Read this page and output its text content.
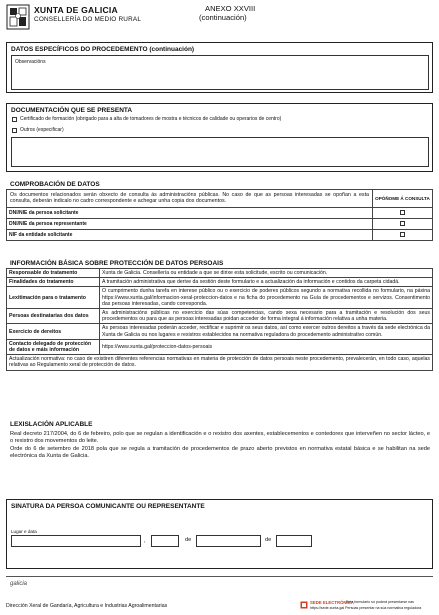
XUNTA DE GALICIA
CONSELLERÍA DO MEDIO RURAL
ANEXO XXVIII
(continuación)
DATOS ESPECÍFICOS DO PROCEDEMENTO (continuación)
Observacións
DOCUMENTACIÓN QUE SE PRESENTA
Certificado de formación (obrigado para a alta de tomadores de mostra e técnicos de calidade ou operarios de centro)
Outros (especificar)
COMPROBACIÓN DE DATOS
Os documentos relacionados serán obxecto de consulta ás administracións públicas. No caso de que as persoas interesadas se opoñan a esta consulta, deberán indicalo no cadro correspondente e achegar unha copia dos documentos.	OPÓÑOME Á CONSULTA
DNI/NIE da persoa solicitante	
DNI/NIE da persoa representante	
NIF da entidade solicitante	
INFORMACIÓN BÁSICA SOBRE PROTECCIÓN DE DATOS PERSOAIS
Responsable do tratamento	Xunta de Galicia. Consellería ou entidade a que se dirixe esta solicitude, escrito ou comunicación.
Finalidades do tratamento	A tramitación administrativa que derive da xestión deste formulario e a actualización da información e contidos da carpeta cidadá.
Lexitimación para o tratamento	O cumprimento dunha tarefa en interese público ou o exercicio de poderes públicos segundo a normativa recollida no formulario, na páxina https://www.xunta.gal/informacion-xeral-proteccion-datos e na ficha do procedemento na Guía de procedementos e servizos. Consentimento das persoas interesadas, cando corresponda.
Persoas destinatarias dos datos	As administracións públicas no exercicio das súas competencias, cando sexa necesario para a tramitación e resolución dos seus procedementos ou para que as persoas interesadas poidan acceder de forma integral á información relativa a unha materia.
Exercicio de dereitos	As persoas interesadas poderán acceder, rectificar e suprimir os seus datos, así como exercer outros dereitos a través da sede electrónica da Xunta de Galicia ou nos lugares e rexistros establecidos na normativa reguladora do procedemento administrativo común.
Contacto delegado de protección de datos e máis información	https://www.xunta.gal/proteccion-datos-persoais
Actualización normativa: no caso de existiren diferentes referencias normativas en materia de protección de datos persoais neste procedemento, prevalecerán, en todo caso, aquelas relativas ao Regulamento xeral de protección de datos.	
LEXISLACIÓN APLICABLE
Real decreto 217/2004, do 6 de febreiro, polo que se regulan a identificación e o rexistro dos axentes, establecementos e contedores que interveñen no sector lácteo, e o rexistro dos movementos do leite.
Orde do 6 de setembro de 2018 pola que se regula a tramitación de procedementos de prazo aberto previstos en normativa estatal básica e se habilitan na sede electrónica da Xunta de Galicia.
SINATURA DA PERSOA COMUNICANTE OU REPRESENTANTE
Lugar e data
,	de	de
galicia
Dirección Xeral de Gandaría, Agricultura e Industrias Agroalimentarias
SEDE ELECTRÓNICA
Este formulario só poderá presentarse nas
https://sede.xunta.gal Persoas presentar na súa normativa reguladora
